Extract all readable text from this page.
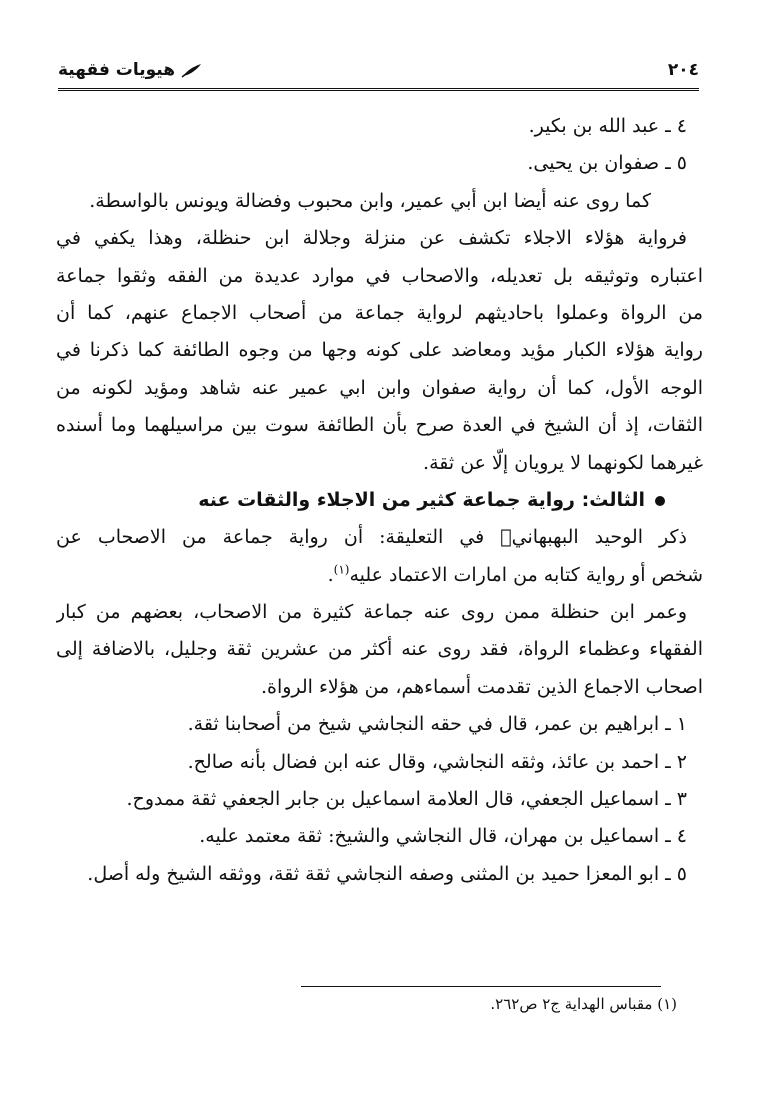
٢٠٤
هيويات فقهية
٤ ـ عبد الله بن بكير.
٥ ـ صفوان بن يحيى.
كما روى عنه أيضا ابن أبي عمير، وابن محبوب وفضالة ويونس بالواسطة.
فرواية هؤلاء الاجلاء تكشف عن منزلة وجلالة ابن حنظلة، وهذا يكفي في
اعتباره وتوثيقه بل تعديله، والاصحاب في موارد عديدة من الفقه وثقوا جماعة
من الرواة وعملوا باحاديثهم لرواية جماعة من أصحاب الاجماع عنهم، كما أن
رواية هؤلاء الكبار مؤيد ومعاضد على كونه وجها من وجوه الطائفة كما ذكرنا في
الوجه الأول، كما أن رواية صفوان وابن ابي عمير عنه شاهد ومؤيد لكونه من
الثقات، إذ أن الشيخ في العدة صرح بأن الطائفة سوت بين مراسيلهما وما أسنده
غيرهما لكونهما لا يرويان إلّا عن ثقة.
الثالث: رواية جماعة كثير من الاجلاء والثقات عنه
ذكر الوحيد البهبهاني﷫ في التعليقة: أن رواية جماعة من الاصحاب عن
شخص أو رواية كتابه من امارات الاعتماد عليه$^{(١)}$.
وعمر ابن حنظلة ممن روى عنه جماعة كثيرة من الاصحاب، بعضهم من كبار
الفقهاء وعظماء الرواة، فقد روى عنه أكثر من عشرين ثقة وجليل، بالاضافة إلى
اصحاب الاجماع الذين تقدمت أسماءهم، من هؤلاء الرواة.
١ ـ ابراهيم بن عمر، قال في حقه النجاشي شيخ من أصحابنا ثقة.
٢ ـ احمد بن عائذ، وثقه النجاشي، وقال عنه ابن فضال بأنه صالح.
٣ ـ اسماعيل الجعفي، قال العلامة اسماعيل بن جابر الجعفي ثقة ممدوح.
٤ ـ اسماعيل بن مهران، قال النجاشي والشيخ: ثقة معتمد عليه.
٥ ـ ابو المعزا حميد بن المثنى وصفه النجاشي ثقة ثقة، ووثقه الشيخ وله أصل.
(١) مقباس الهداية ج٢ ص٢٦٢.
